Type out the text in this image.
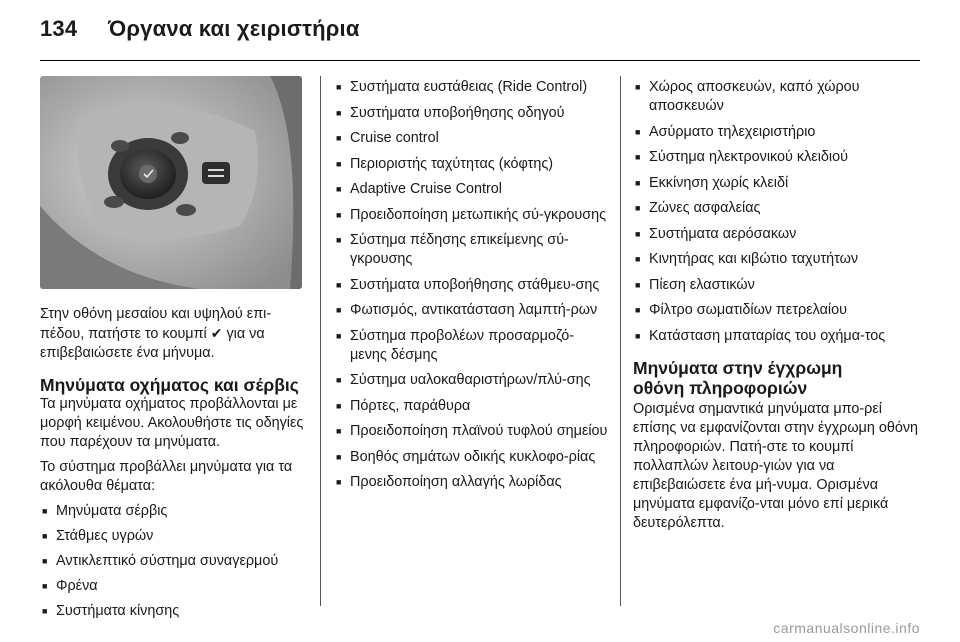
134 Όργανα και χειριστήρια

Στην οθόνη μεσαίου και υψηλού επι-πέδου, πατήστε το κουμπί ✔ για να επιβεβαιώσετε ένα μήνυμα.

Μηνύματα οχήματος και σέρβις

Τα μηνύματα οχήματος προβάλλονται με μορφή κειμένου. Ακολουθήστε τις οδηγίες που παρέχουν τα μηνύματα.

Το σύστημα προβάλλει μηνύματα για τα ακόλουθα θέματα:

■ Μηνύματα σέρβις
■ Στάθμες υγρών
■ Αντικλεπτικό σύστημα συναγερμού
■ Φρένα
■ Συστήματα κίνησης
■ Συστήματα ευστάθειας (Ride Control)
■ Συστήματα υποβοήθησης οδηγού
■ Cruise control
■ Περιοριστής ταχύτητας (κόφτης)
■ Adaptive Cruise Control
■ Προειδοποίηση μετωπικής σύ-γκρουσης
■ Σύστημα πέδησης επικείμενης σύ-γκρουσης
■ Συστήματα υποβοήθησης στάθμευ-σης
■ Φωτισμός, αντικατάσταση λαμπτή-ρων
■ Σύστημα προβολέων προσαρμοζό-μενης δέσμης
■ Σύστημα υαλοκαθαριστήρων/πλύ-σης
■ Πόρτες, παράθυρα
■ Προειδοποίηση πλαϊνού τυφλού σημείου
■ Βοηθός σημάτων οδικής κυκλοφο-ρίας
■ Προειδοποίηση αλλαγής λωρίδας
■ Χώρος αποσκευών, καπό χώρου αποσκευών
■ Ασύρματο τηλεχειριστήριο
■ Σύστημα ηλεκτρονικού κλειδιού
■ Εκκίνηση χωρίς κλειδί
■ Ζώνες ασφαλείας
■ Συστήματα αερόσακων
■ Κινητήρας και κιβώτιο ταχυτήτων
■ Πίεση ελαστικών
■ Φίλτρο σωματιδίων πετρελαίου
■ Κατάσταση μπαταρίας του οχήμα-τος
Μηνύματα στην έγχρωμη οθόνη πληροφοριών

Ορισμένα σημαντικά μηνύματα μπο-ρεί επίσης να εμφανίζονται στην έγχρωμη οθόνη πληροφοριών. Πατή-στε το κουμπί πολλαπλών λειτουρ-γιών για να επιβεβαιώσετε ένα μή-νυμα. Ορισμένα μηνύματα εμφανίζο-νται μόνο επί μερικά δευτερόλεπτα.

carmanualsonline.info
